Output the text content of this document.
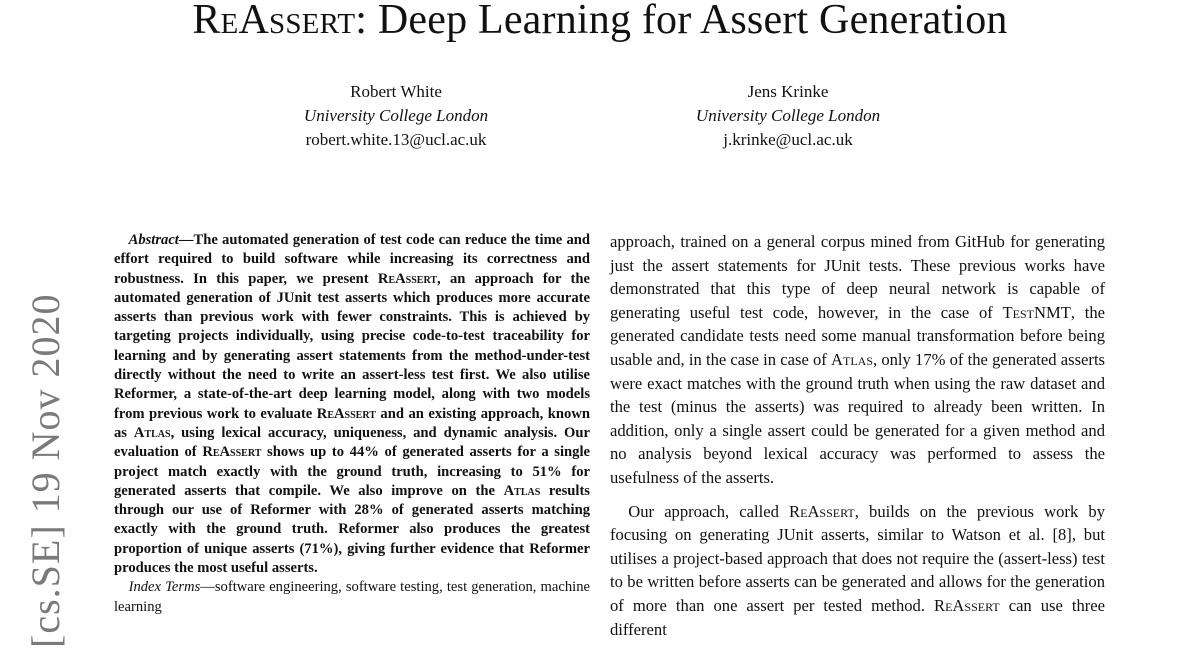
ReAssert: Deep Learning for Assert Generation
Robert White
University College London
robert.white.13@ucl.ac.uk
Jens Krinke
University College London
j.krinke@ucl.ac.uk
[cs.SE] 19 Nov 2020

Abstract—The automated generation of test code can reduce the time and effort required to build software while increasing its correctness and robustness. In this paper, we present ReAssert, an approach for the automated generation of JUnit test asserts which produces more accurate asserts than previous work with fewer constraints. This is achieved by targeting projects individually, using precise code-to-test traceability for learning and by generating assert statements from the method-under-test directly without the need to write an assert-less test first. We also utilise Reformer, a state-of-the-art deep learning model, along with two models from previous work to evaluate ReAssert and an existing approach, known as Atlas, using lexical accuracy, uniqueness, and dynamic analysis. Our evaluation of ReAssert shows up to 44% of generated asserts for a single project match exactly with the ground truth, increasing to 51% for generated asserts that compile. We also improve on the Atlas results through our use of Reformer with 28% of generated asserts matching exactly with the ground truth. Reformer also produces the greatest proportion of unique asserts (71%), giving further evidence that Reformer produces the most useful asserts.

Index Terms—software engineering, software testing, test generation, machine learning

approach, trained on a general corpus mined from GitHub for generating just the assert statements for JUnit tests. These previous works have demonstrated that this type of deep neural network is capable of generating useful test code, however, in the case of TestNMT, the generated candidate tests need some manual transformation before being usable and, in the case in case of Atlas, only 17% of the generated asserts were exact matches with the ground truth when using the raw dataset and the test (minus the asserts) was required to already been written. In addition, only a single assert could be generated for a given method and no analysis beyond lexical accuracy was performed to assess the usefulness of the asserts.

Our approach, called ReAssert, builds on the previous work by focusing on generating JUnit asserts, similar to Watson et al. [8], but utilises a project-based approach that does not require the (assert-less) test to be written before asserts can be generated and allows for the generation of more than one assert per tested method. ReAssert can use three different
